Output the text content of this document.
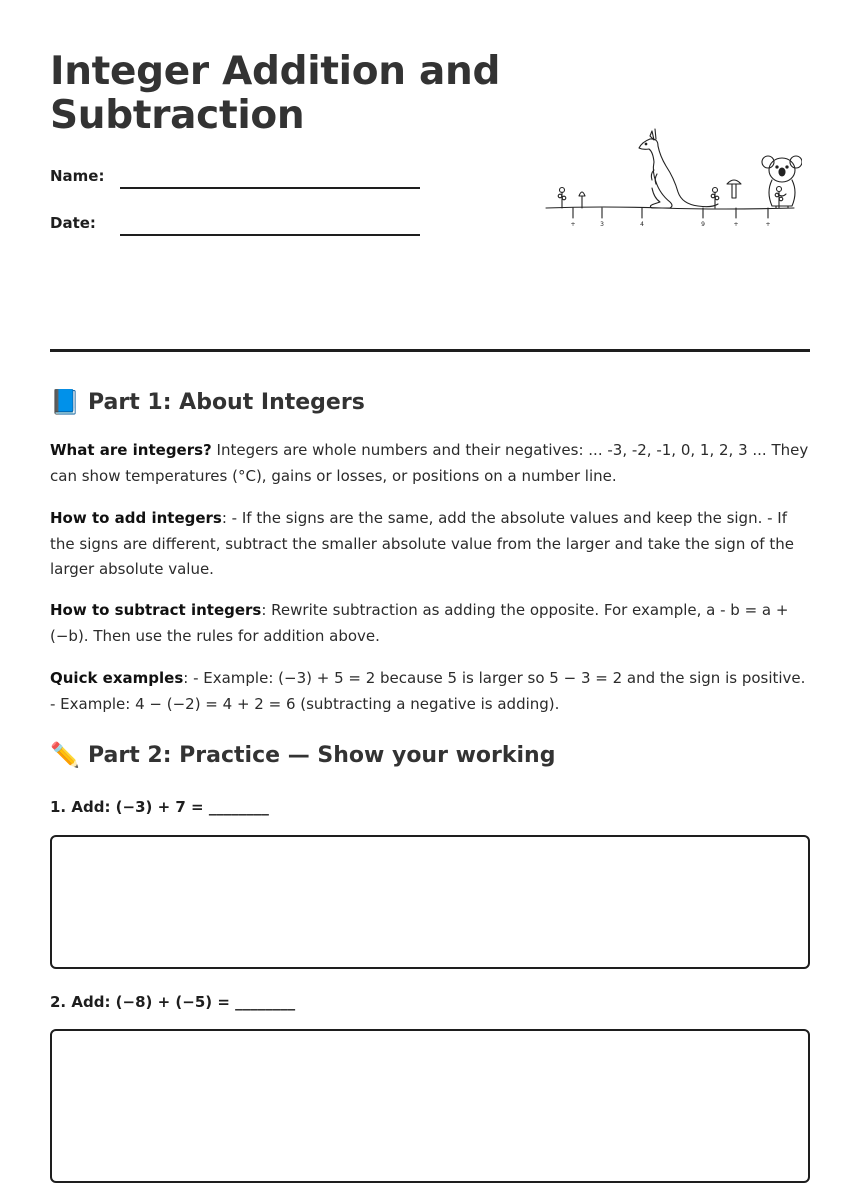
Integer Addition and Subtraction
Name:
Date:	+	3	4	9	+	+
📘 Part 1: About Integers

What are integers? Integers are whole numbers and their negatives: ... -3, -2, -1, 0, 1, 2, 3 ... They can show temperatures (°C), gains or losses, or positions on a number line.

How to add integers: - If the signs are the same, add the absolute values and keep the sign. - If the signs are different, subtract the smaller absolute value from the larger and take the sign of the larger absolute value.

How to subtract integers: Rewrite subtraction as adding the opposite. For example, a - b = a + (−b). Then use the rules for addition above.

Quick examples: - Example: (−3) + 5 = 2 because 5 is larger so 5 − 3 = 2 and the sign is positive. - Example: 4 − (−2) = 4 + 2 = 6 (subtracting a negative is adding).

✏️ Part 2: Practice — Show your working

1. Add: (−3) + 7 = ________

2. Add: (−8) + (−5) = ________
